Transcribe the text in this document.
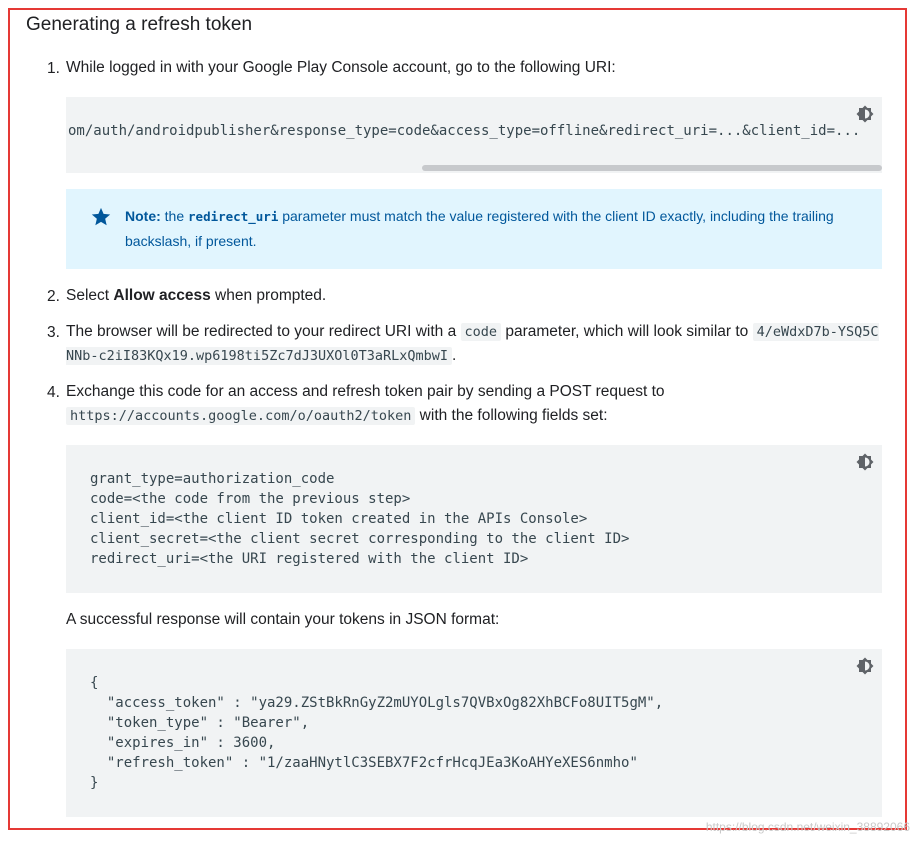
Generating a refresh token
1. While logged in with your Google Play Console account, go to the following URI:
om/auth/androidpublisher&response_type=code&access_type=offline&redirect_uri=...&client_id=...
Note: the redirect_uri parameter must match the value registered with the client ID exactly, including the trailing backslash, if present.
2. Select Allow access when prompted.
3. The browser will be redirected to your redirect URI with a code parameter, which will look similar to 4/eWdxD7b-YSQ5CNNb-c2iI83KQx19.wp6198ti5Zc7dJ3UXOl0T3aRLxQmbwI .
4. Exchange this code for an access and refresh token pair by sending a POST request to https://accounts.google.com/o/oauth2/token with the following fields set:
grant_type=authorization_code
code=<the code from the previous step>
client_id=<the client ID token created in the APIs Console>
client_secret=<the client secret corresponding to the client ID>
redirect_uri=<the URI registered with the client ID>
A successful response will contain your tokens in JSON format:
{
"access_token" : "ya29.ZStBkRnGyZ2mUYOLgls7QVBxOg82XhBCFo8UIT5gM",
"token_type" : "Bearer",
"expires_in" : 3600,
"refresh_token" : "1/zaaHNytlC3SEBX7F2cfrHcqJEa3KoAHYeXES6nmho"
}
https://blog.csdn.net/weixin_38892066
